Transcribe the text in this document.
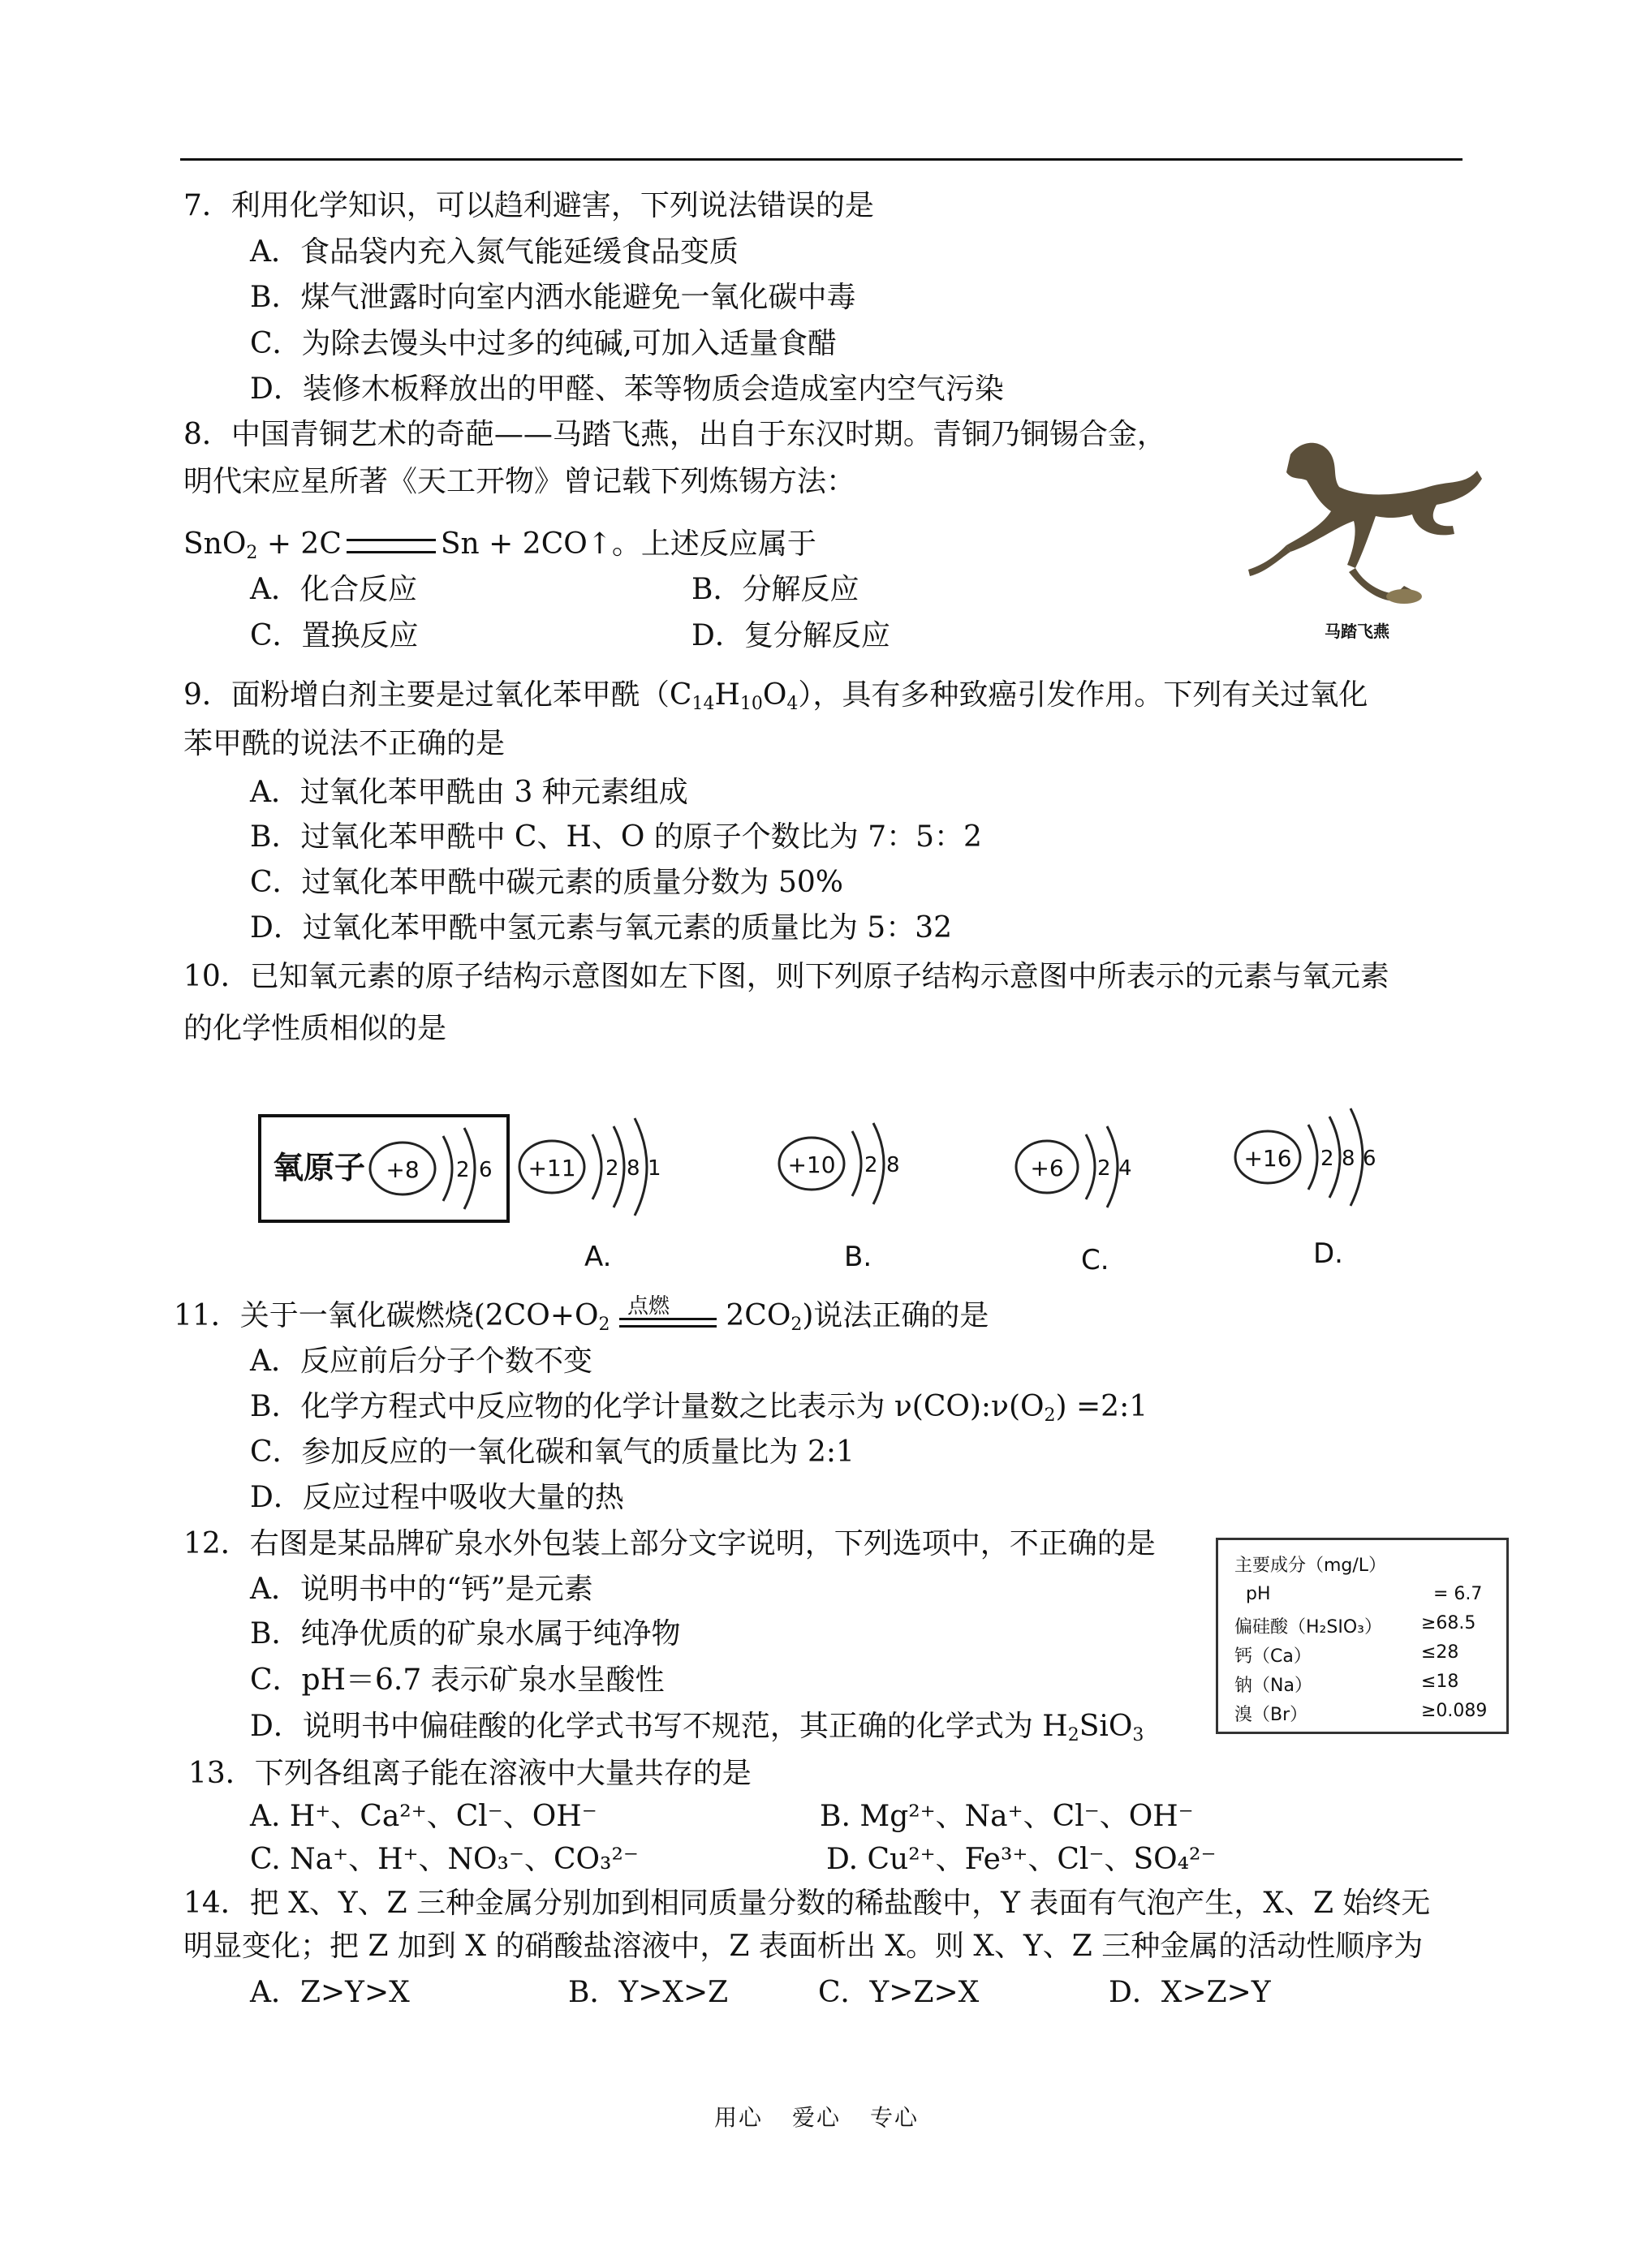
7．利用化学知识，可以趋利避害，下列说法错误的是
A．食品袋内充入氮气能延缓食品变质
B．煤气泄露时向室内洒水能避免一氧化碳中毒
C．为除去馒头中过多的纯碱,可加入适量食醋
D．装修木板释放出的甲醛、苯等物质会造成室内空气污染
8．中国青铜艺术的奇葩——马踏飞燕，出自于东汉时期。青铜乃铜锡合金，
明代宋应星所著《天工开物》曾记载下列炼锡方法：
SnO$_2$ + 2C	Sn + 2CO↑。上述反应属于
A．化合反应	B．分解反应
C．置换反应	D．复分解反应	马踏飞燕
9．面粉增白剂主要是过氧化苯甲酰$(C_{14}H_{10}O_4)$，具有多种致癌引发作用。下列有关过氧化
苯甲酰的说法不正确的是
A．过氧化苯甲酰由 3 种元素组成
B．过氧化苯甲酰中 C、H、O 的原子个数比为 7：5：2
C．过氧化苯甲酰中碳元素的质量分数为 50%
D．过氧化苯甲酰中氢元素与氧元素的质量比为 5：32
10．已知氧元素的原子结构示意图如左下图，则下列原子结构示意图中所表示的元素与氧元素
的化学性质相似的是
氧原子 +8 2 6 +11 2 8 1
A.
+10 2 8
B.
+6 2 4
C.
+16 2 8 6
D.
11．关于一氧化碳燃烧($2CO+O_2$
点燃 $2CO_2$)说法正确的是
A．反应前后分子个数不变
B．化学方程式中反应物的化学计量数之比表示为 $\nu(CO):\nu(O_2)$ =2:1
C．参加反应的一氧化碳和氧气的质量比为 2:1
D．反应过程中吸收大量的热
12．右图是某品牌矿泉水外包装上部分文字说明，下列选项中，不正确的是
A．说明书中的“钙”是元素
B．纯净优质的矿泉水属于纯净物
C．pH＝6.7 表示矿泉水呈酸性
D．说明书中偏硅酸的化学式书写不规范，其正确的化学式为 $H_2SiO_3$
主要成分（mg/L）
pH	= 6.7
偏硅酸（H₂SIO₃） ≥68.5
钙（Ca）	≤28
钠（Na）	≤18
溴（Br）	≥0.089
13．下列各组离子能在溶液中大量共存的是
A. H⁺、Ca²⁺、Cl⁻、OH⁻	B. Mg²⁺、Na⁺、Cl⁻、OH⁻
C. Na⁺、H⁺、NO₃⁻、CO₃²⁻	D. Cu²⁺、Fe³⁺、Cl⁻、SO₄²⁻
14．把 X、Y、Z 三种金属分别加到相同质量分数的稀盐酸中，Y 表面有气泡产生，X、Z 始终无
明显变化；把 Z 加到 X 的硝酸盐溶液中，Z 表面析出 X。则 X、Y、Z 三种金属的活动性顺序为
A．Z>Y>X	B．Y>X>Z	C．Y>Z>X	D．X>Z>Y
用心 爱心 专心
